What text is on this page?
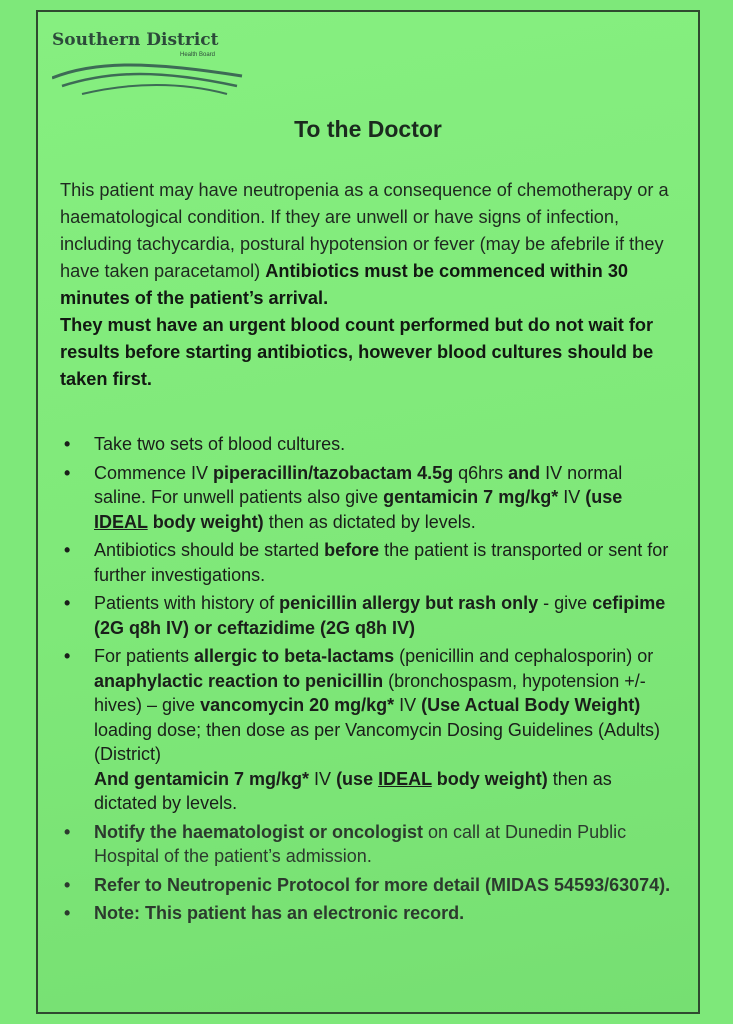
Southern District
Health Board
To the Doctor
This patient may have neutropenia as a consequence of chemotherapy or a haematological condition. If they are unwell or have signs of infection, including tachycardia, postural hypotension or fever (may be afebrile if they have taken paracetamol) Antibiotics must be commenced within 30 minutes of the patient’s arrival.
They must have an urgent blood count performed but do not wait for results before starting antibiotics, however blood cultures should be taken first.
• Take two sets of blood cultures.
• Commence IV piperacillin/tazobactam 4.5g q6hrs and IV normal saline. For unwell patients also give gentamicin 7 mg/kg* IV (use IDEAL body weight) then as dictated by levels.
• Antibiotics should be started before the patient is transported or sent for further investigations.
• Patients with history of penicillin allergy but rash only - give cefipime (2G q8h IV) or ceftazidime (2G q8h IV)
• For patients allergic to beta-lactams (penicillin and cephalosporin) or anaphylactic reaction to penicillin (bronchospasm, hypotension +/- hives) – give vancomycin 20 mg/kg* IV (Use Actual Body Weight) loading dose; then dose as per Vancomycin Dosing Guidelines (Adults) (District)
And gentamicin 7 mg/kg* IV (use IDEAL body weight) then as dictated by levels.
• Notify the haematologist or oncologist on call at Dunedin Public Hospital of the patient’s admission.
• Refer to Neutropenic Protocol for more detail (MIDAS 54593/63074).
• Note: This patient has an electronic record.
